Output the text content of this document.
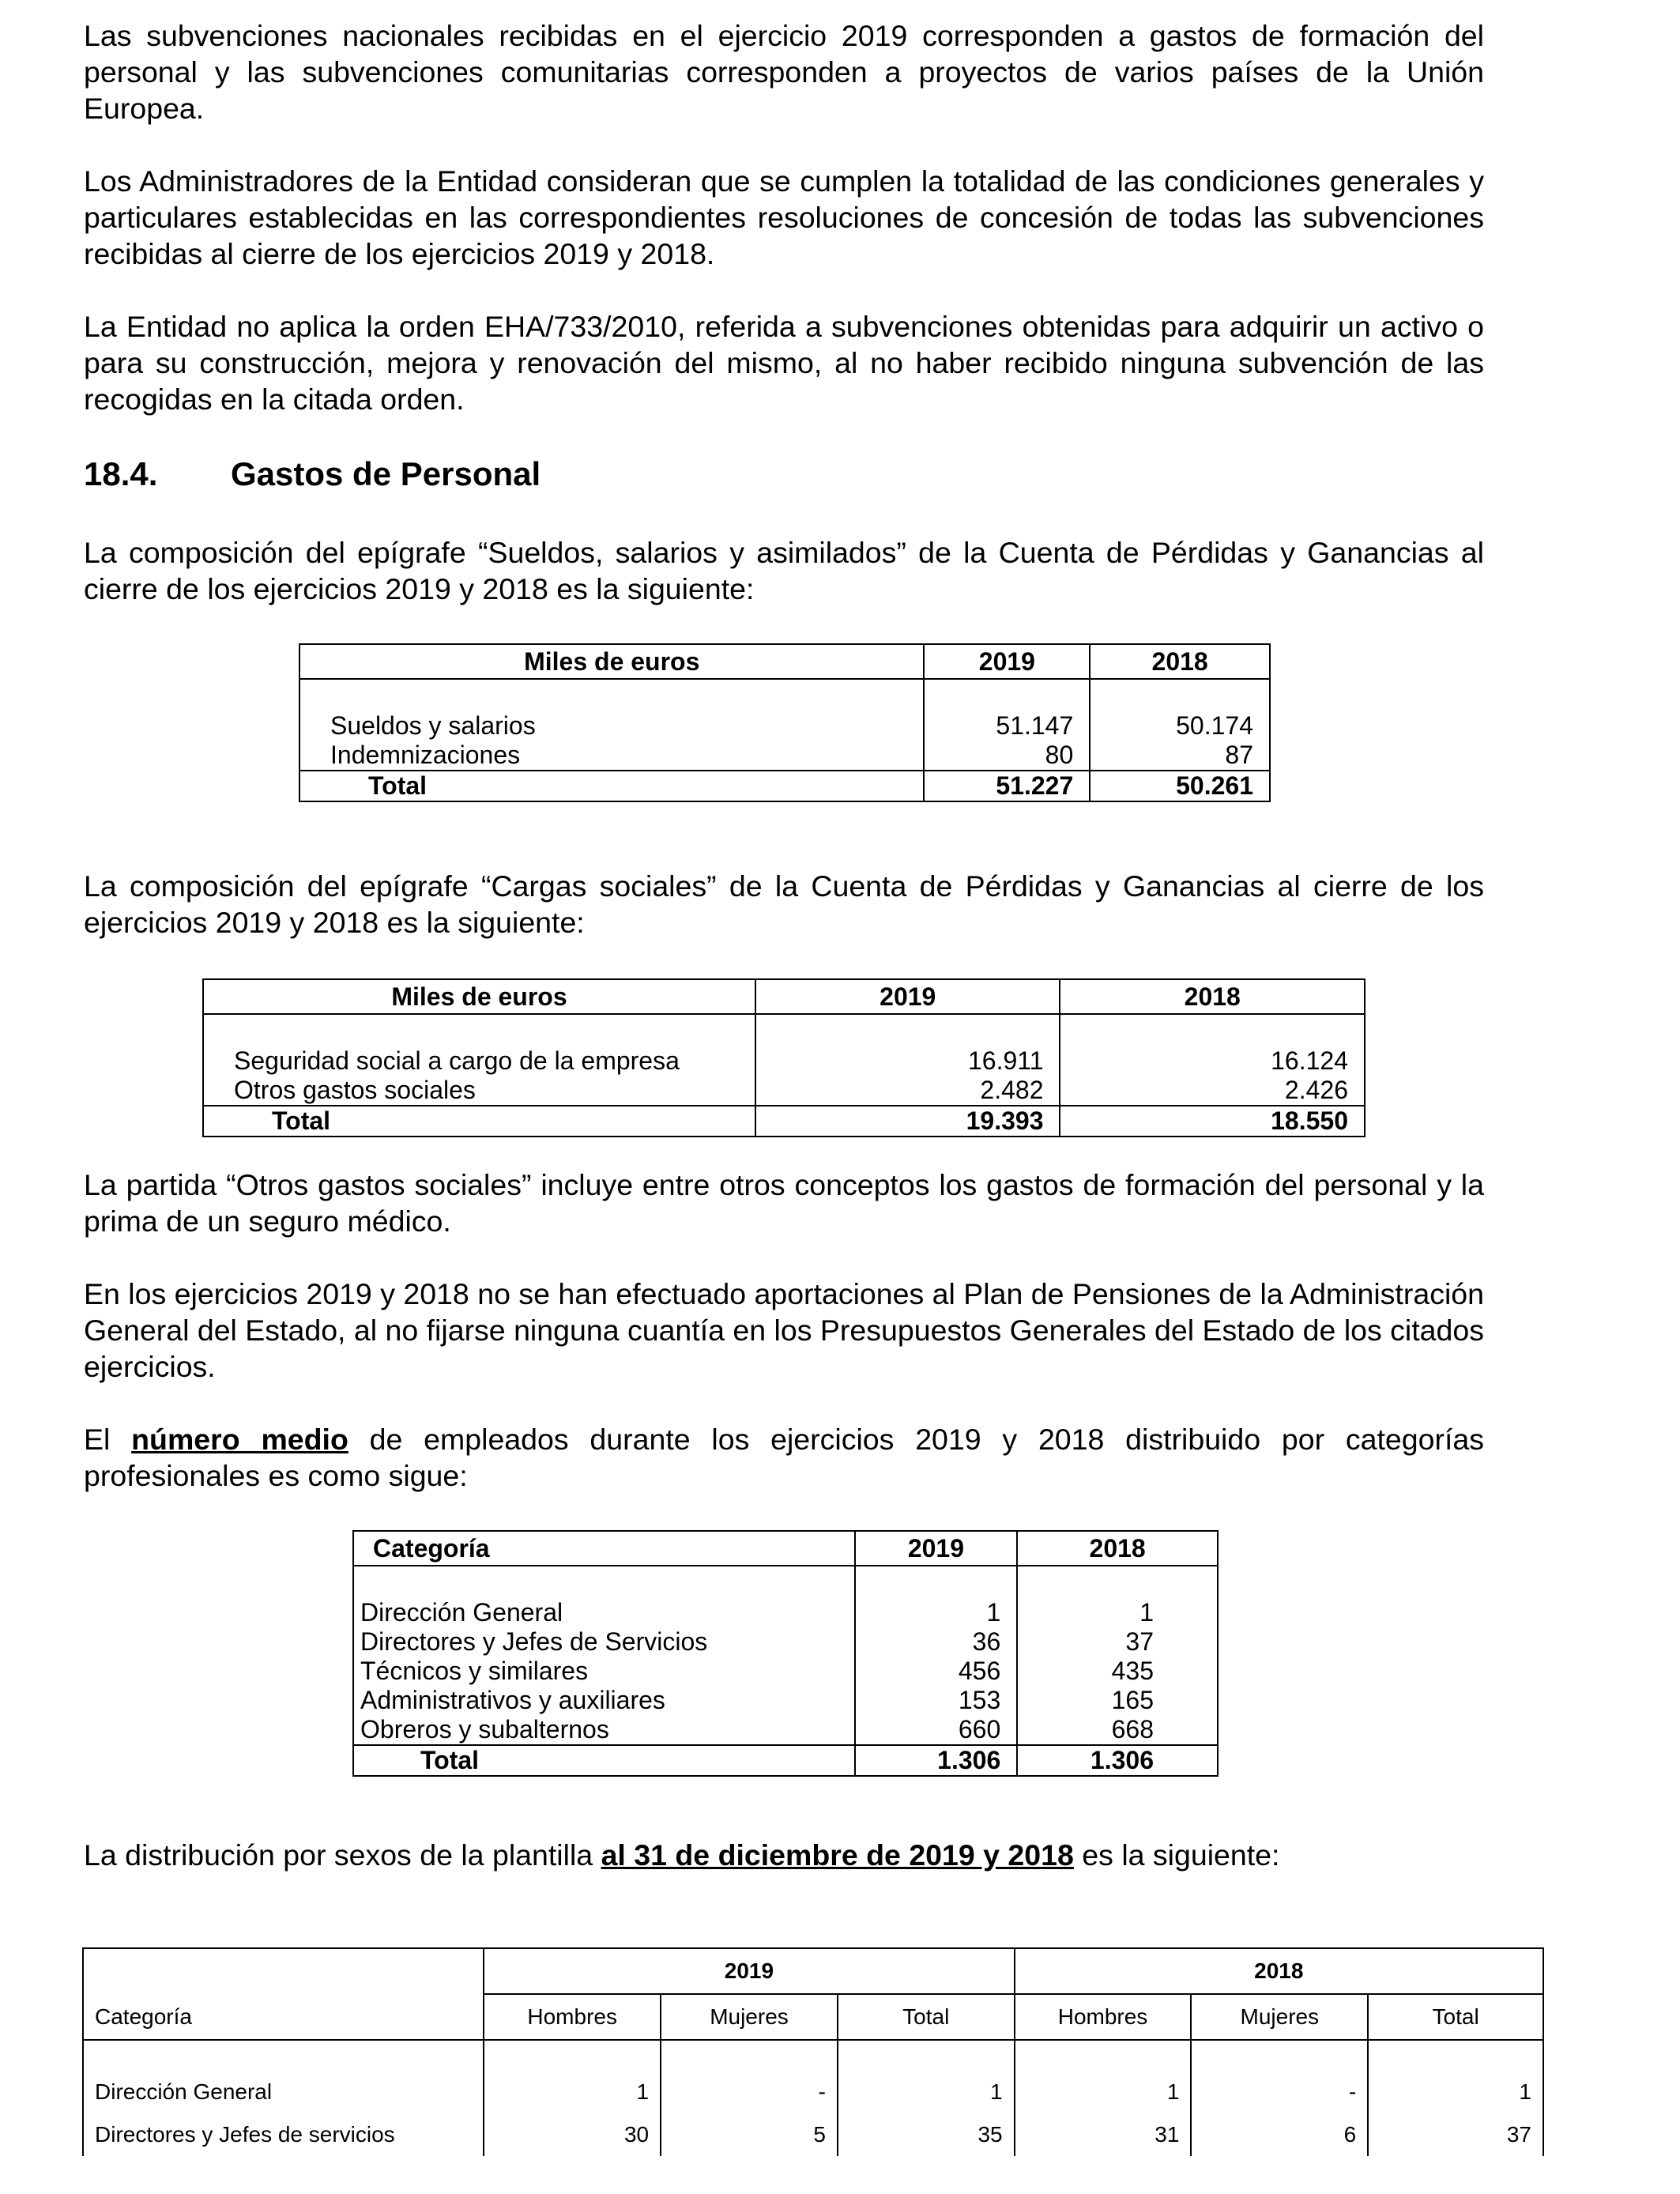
Las subvenciones nacionales recibidas en el ejercicio 2019 corresponden a gastos de formación del personal y las subvenciones comunitarias corresponden a proyectos de varios países de la Unión Europea.

Los Administradores de la Entidad consideran que se cumplen la totalidad de las condiciones generales y particulares establecidas en las correspondientes resoluciones de concesión de todas las subvenciones recibidas al cierre de los ejercicios 2019 y 2018.

La Entidad no aplica la orden EHA/733/2010, referida a subvenciones obtenidas para adquirir un activo o para su construcción, mejora y renovación del mismo, al no haber recibido ninguna subvención de las recogidas en la citada orden.

18.4. Gastos de Personal

La composición del epígrafe “Sueldos, salarios y asimilados” de la Cuenta de Pérdidas y Ganancias al cierre de los ejercicios 2019 y 2018 es la siguiente:

Miles de euros	2019	2018
Sueldos y salarios	51.147	50.174
Indemnizaciones	80	87
Total	51.227	50.261

La composición del epígrafe “Cargas sociales” de la Cuenta de Pérdidas y Ganancias al cierre de los ejercicios 2019 y 2018 es la siguiente:

Miles de euros	2019	2018
Seguridad social a cargo de la empresa	16.911	16.124
Otros gastos sociales	2.482	2.426
Total	19.393	18.550

La partida “Otros gastos sociales” incluye entre otros conceptos los gastos de formación del personal y la prima de un seguro médico.

En los ejercicios 2019 y 2018 no se han efectuado aportaciones al Plan de Pensiones de la Administración General del Estado, al no fijarse ninguna cuantía en los Presupuestos Generales del Estado de los citados ejercicios.

El número medio de empleados durante los ejercicios 2019 y 2018 distribuido por categorías profesionales es como sigue:

Categoría	2019	2018
Dirección General	1	1
Directores y Jefes de Servicios	36	37
Técnicos y similares	456	435
Administrativos y auxiliares	153	165
Obreros y subalternos	660	668
Total	1.306	1.306

La distribución por sexos de la plantilla al 31 de diciembre de 2019 y 2018 es la siguiente:

	2019			2018		
Categoría	Hombres	Mujeres	Total	Hombres	Mujeres	Total

Dirección General	1	-	1	1	-	1
Directores y Jefes de servicios	30	5	35	31	6	37
